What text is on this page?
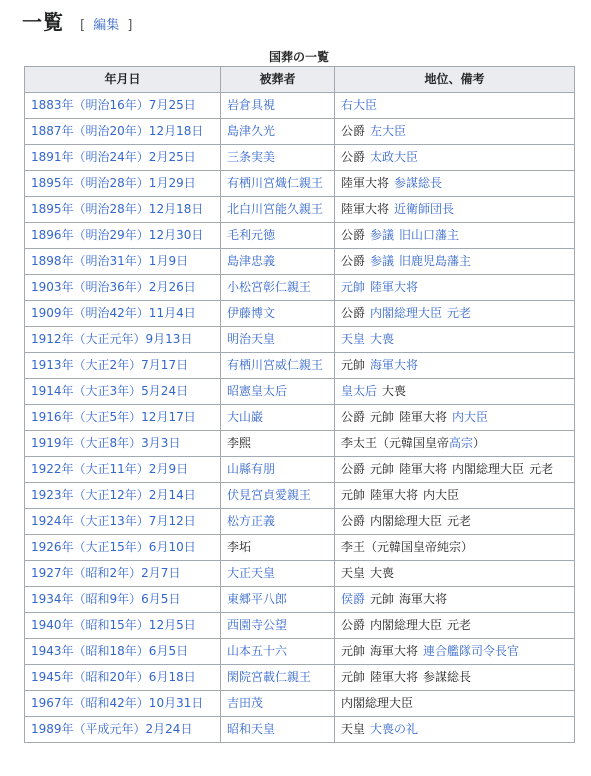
一覧 [ 編集 ]
国葬の一覧
年月日	被葬者	地位、備考
1883年（明治16年）7月25日	岩倉具視	右大臣
1887年（明治20年）12月18日	島津久光	公爵 左大臣
1891年（明治24年）2月25日	三条実美	公爵 太政大臣
1895年（明治28年）1月29日	有栖川宮熾仁親王	陸軍大将 参謀総長
1895年（明治28年）12月18日	北白川宮能久親王	陸軍大将 近衛師団長
1896年（明治29年）12月30日	毛利元徳	公爵 参議 旧山口藩主
1898年（明治31年）1月9日	島津忠義	公爵 参議 旧鹿児島藩主
1903年（明治36年）2月26日	小松宮彰仁親王	元帥 陸軍大将
1909年（明治42年）11月4日	伊藤博文	公爵 内閣総理大臣 元老
1912年（大正元年）9月13日	明治天皇	天皇 大喪
1913年（大正2年）7月17日	有栖川宮威仁親王	元帥 海軍大将
1914年（大正3年）5月24日	昭憲皇太后	皇太后 大喪
1916年（大正5年）12月17日	大山巌	公爵 元帥 陸軍大将 内大臣
1919年（大正8年）3月3日	李熙	李太王（元韓国皇帝高宗）
1922年（大正11年）2月9日	山縣有朋	公爵 元帥 陸軍大将 内閣総理大臣 元老
1923年（大正12年）2月14日	伏見宮貞愛親王	元帥 陸軍大将 内大臣
1924年（大正13年）7月12日	松方正義	公爵 内閣総理大臣 元老
1926年（大正15年）6月10日	李坧	李王（元韓国皇帝純宗）
1927年（昭和2年）2月7日	大正天皇	天皇 大喪
1934年（昭和9年）6月5日	東郷平八郎	侯爵 元帥 海軍大将
1940年（昭和15年）12月5日	西園寺公望	公爵 内閣総理大臣 元老
1943年（昭和18年）6月5日	山本五十六	元帥 海軍大将 連合艦隊司令長官
1945年（昭和20年）6月18日	閑院宮載仁親王	元帥 陸軍大将 参謀総長
1967年（昭和42年）10月31日	吉田茂	内閣総理大臣
1989年（平成元年）2月24日	昭和天皇	天皇 大喪の礼
